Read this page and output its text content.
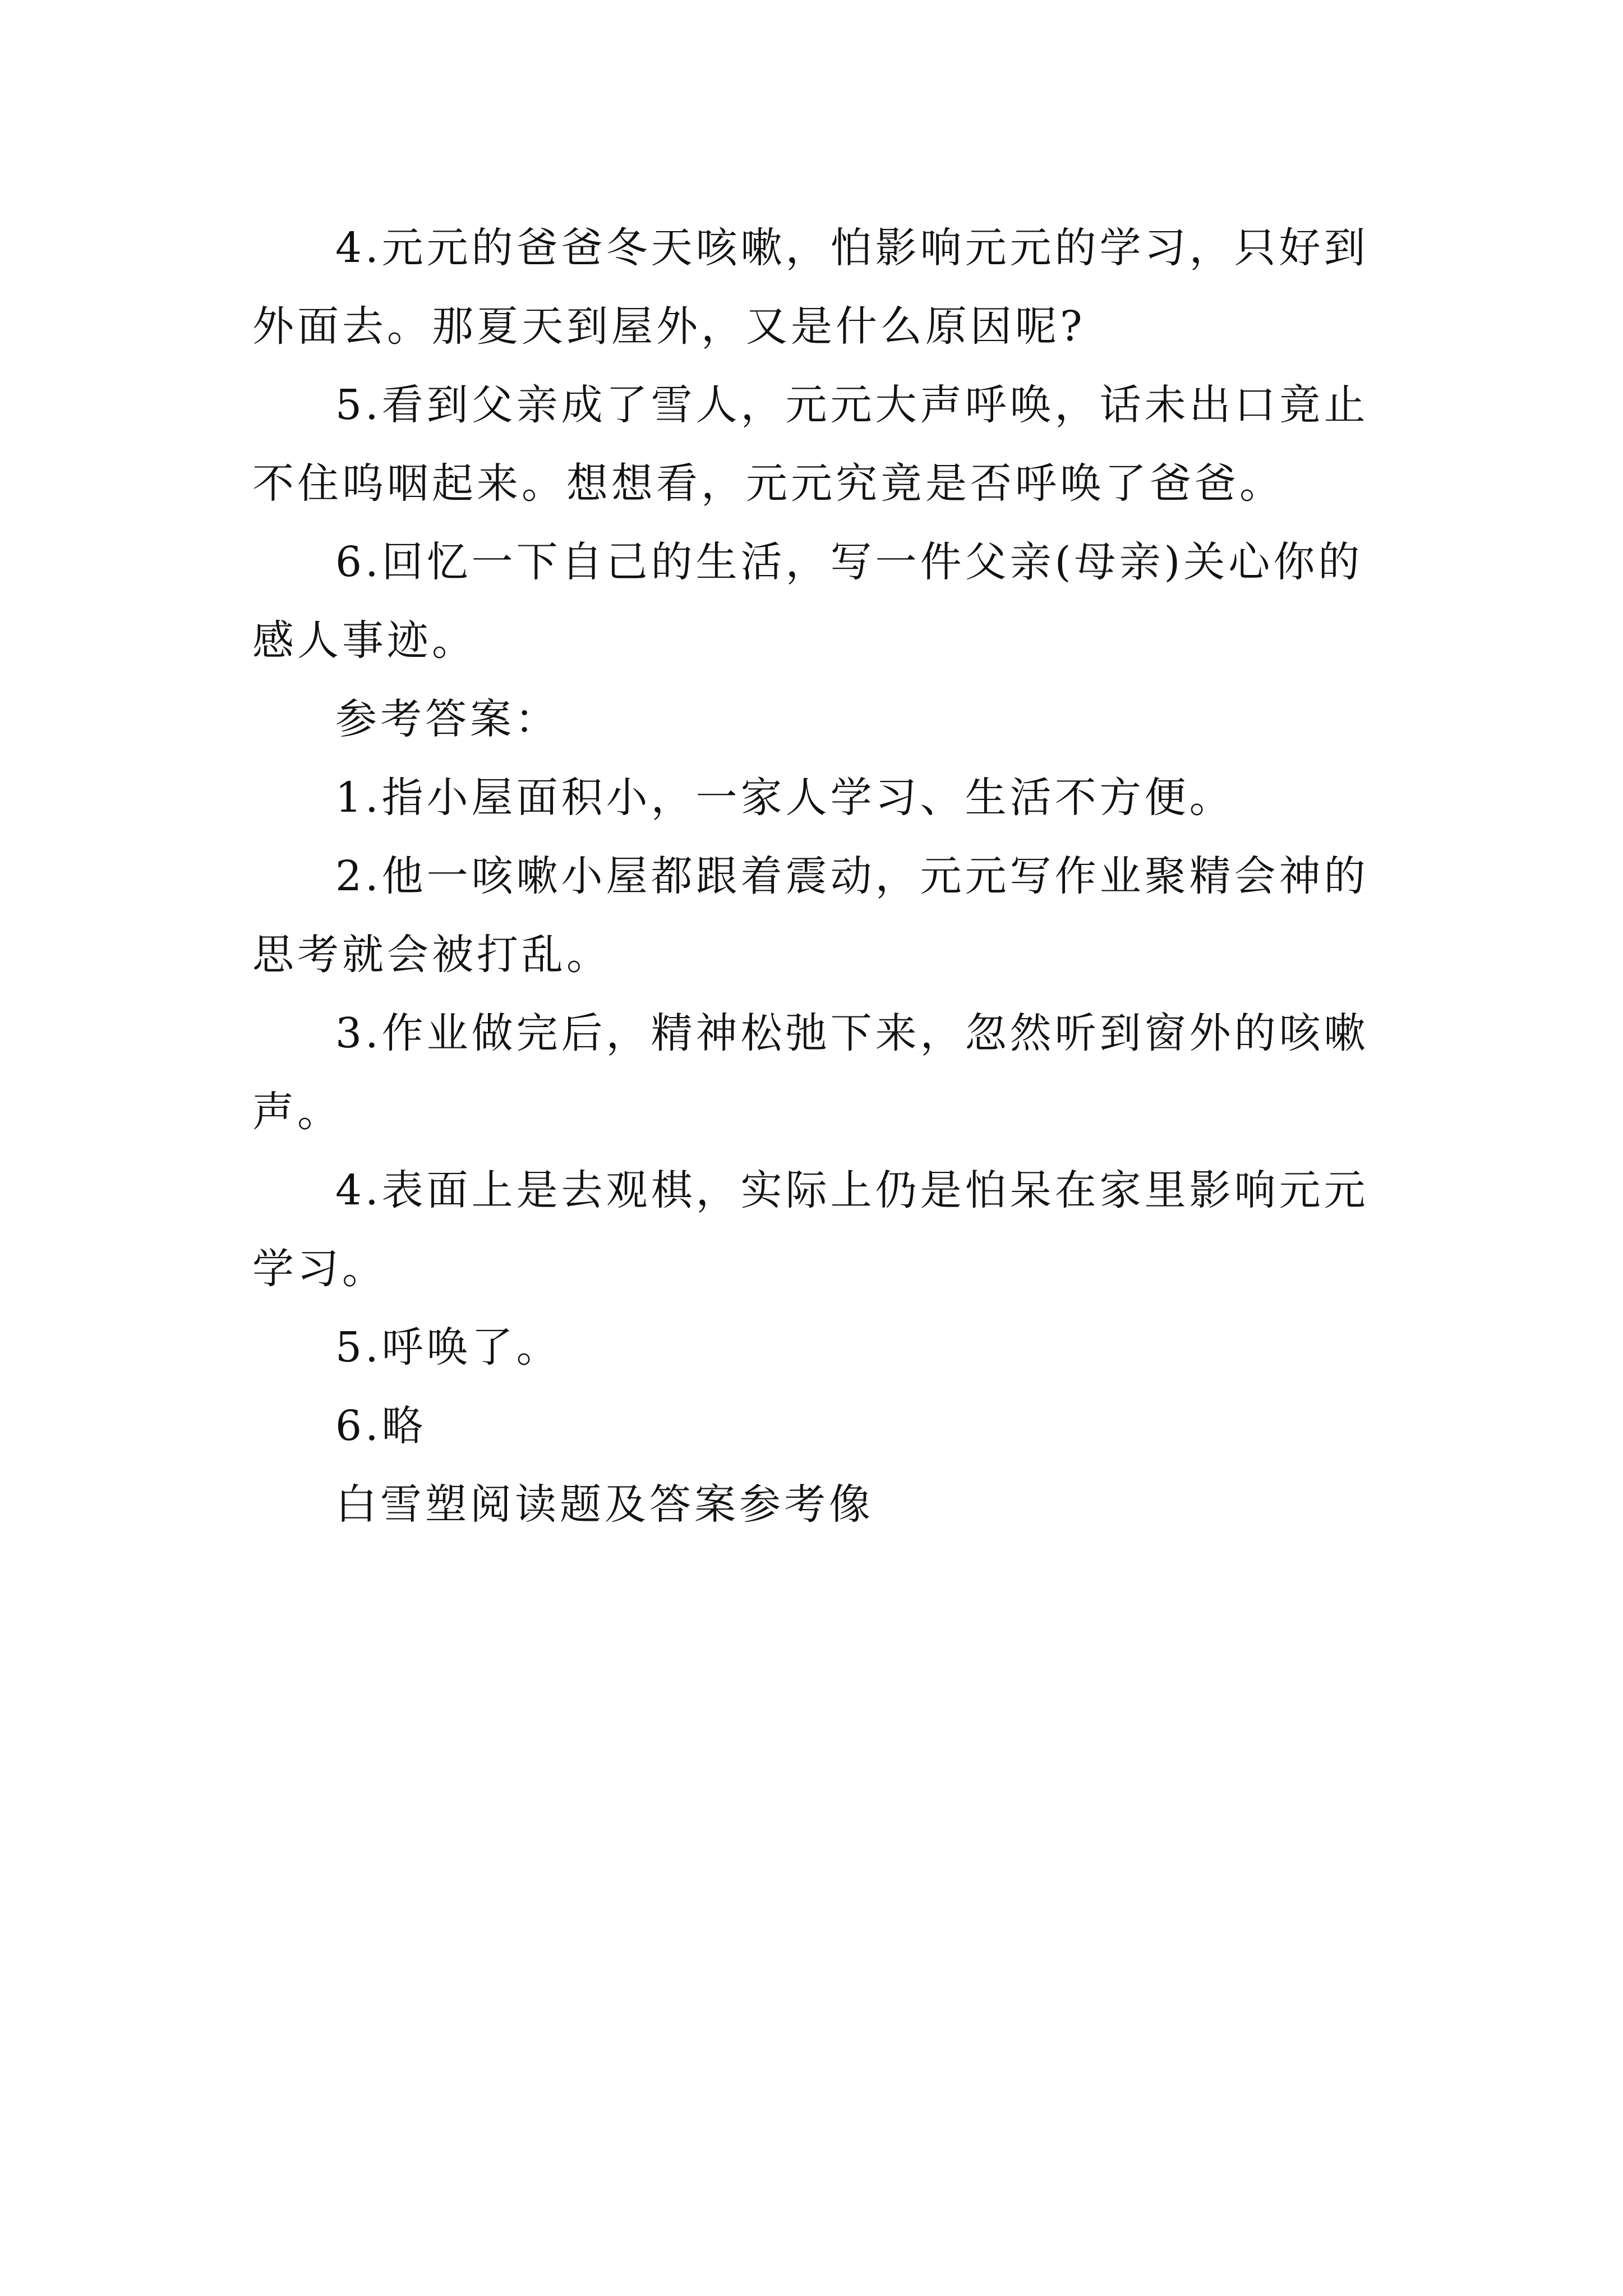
4.元元的爸爸冬天咳嗽，怕影响元元的学习，只好到外面去。那夏天到屋外，又是什么原因呢?

5.看到父亲成了雪人，元元大声呼唤，话未出口竟止不住呜咽起来。想想看，元元究竟是否呼唤了爸爸。

6.回忆一下自己的生活，写一件父亲(母亲)关心你的感人事迹。

参考答案：

1.指小屋面积小，一家人学习、生活不方便。

2.他一咳嗽小屋都跟着震动，元元写作业聚精会神的思考就会被打乱。

3.作业做完后，精神松弛下来，忽然听到窗外的咳嗽声。

4.表面上是去观棋，实际上仍是怕呆在家里影响元元学习。

5.呼唤了。

6.略

白雪塑阅读题及答案参考像
